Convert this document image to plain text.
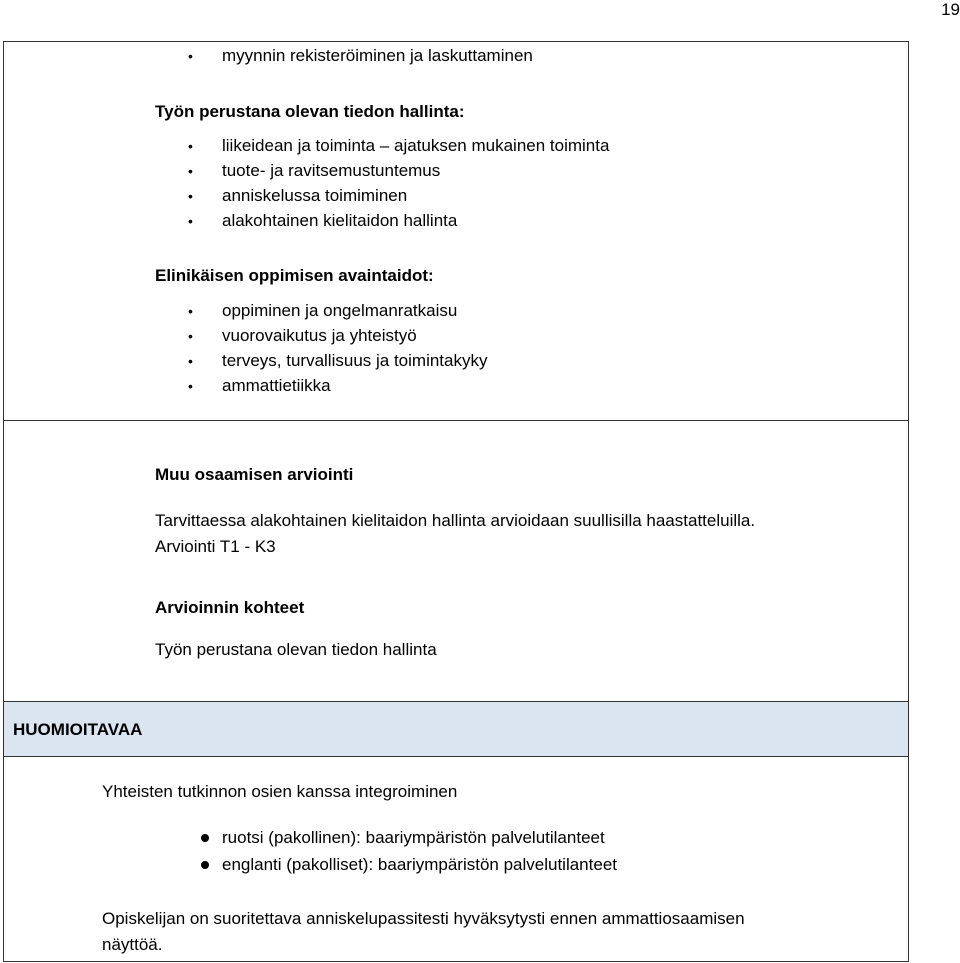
19
• myynnin rekisteröiminen ja laskuttaminen
Työn perustana olevan tiedon hallinta:
• liikeidean ja toiminta – ajatuksen mukainen toiminta
• tuote- ja ravitsemustuntemus
• anniskelussa toimiminen
• alakohtainen kielitaidon hallinta
Elinikäisen oppimisen avaintaidot:
• oppiminen ja ongelmanratkaisu
• vuorovaikutus ja yhteistyö
• terveys, turvallisuus ja toimintakyky
• ammattietiikka
Muu osaamisen arviointi
Tarvittaessa alakohtainen kielitaidon hallinta arvioidaan suullisilla haastatteluilla.
Arviointi T1 - K3
Arvioinnin kohteet
Työn perustana olevan tiedon hallinta
HUOMIOITAVAA
Yhteisten tutkinnon osien kanssa integroiminen
ruotsi (pakollinen): baariympäristön palvelutilanteet
englanti (pakolliset): baariympäristön palvelutilanteet
Opiskelijan on suoritettava anniskelupassitesti hyväksytysti ennen ammattiosaamisen
näyttöä.
